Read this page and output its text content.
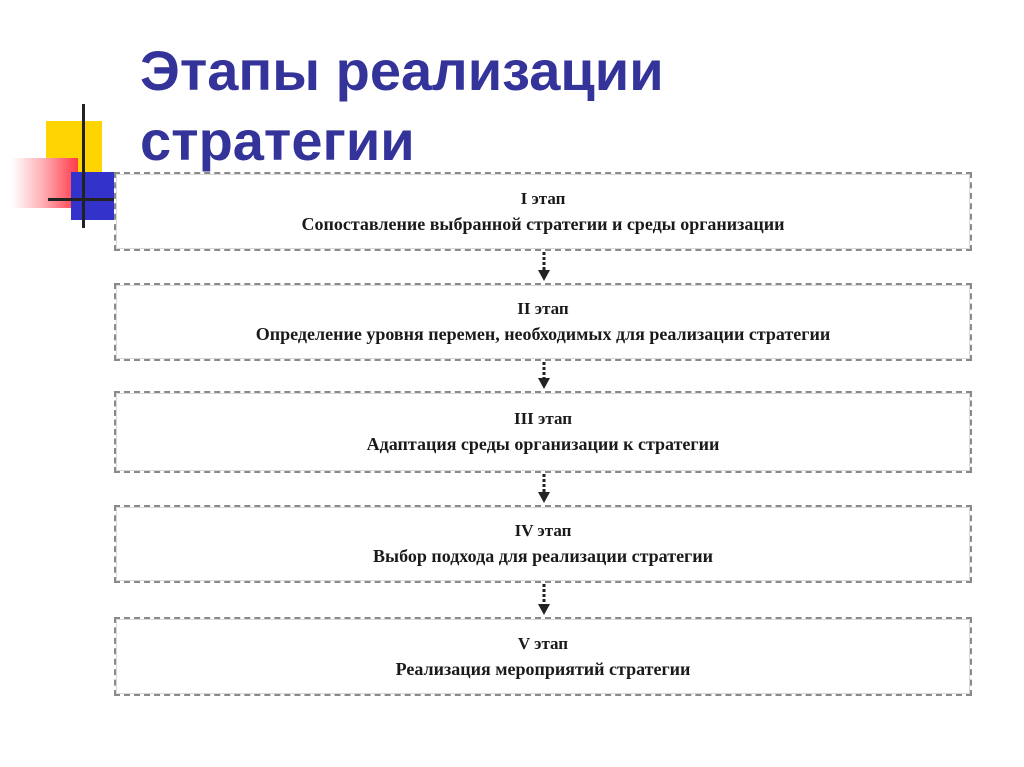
Этапы реализации
стратегии
I этап
Сопоставление выбранной стратегии и среды организации
II этап
Определение уровня перемен, необходимых для реализации стратегии
III этап
Адаптация среды организации к стратегии
IV этап
Выбор подхода для реализации стратегии
V этап
Реализация мероприятий стратегии
